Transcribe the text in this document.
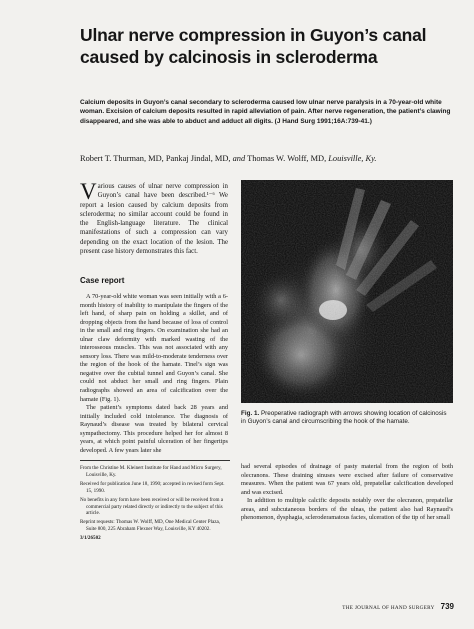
Ulnar nerve compression in Guyon’s canal caused by calcinosis in scleroderma
Calcium deposits in Guyon’s canal secondary to scleroderma caused low ulnar nerve paralysis in a 70-year-old white woman. Excision of calcium deposits resulted in rapid alleviation of pain. After nerve regeneration, the patient’s clawing disappeared, and she was able to abduct and adduct all digits. (J Hand Surg 1991;16A:739-41.)
Robert T. Thurman, MD, Pankaj Jindal, MD, and Thomas W. Wolff, MD, Louisville, Ky.

Various causes of ulnar nerve compression in Guyon’s canal have been described.¹⁻⁶ We report a lesion caused by calcium deposits from scleroderma; no similar account could be found in the English-language literature. The clinical manifestations of such a compression can vary depending on the exact location of the lesion. The present case history demonstrates this fact.

Case report

A 70-year-old white woman was seen initially with a 6-month history of inability to manipulate the fingers of the left hand, of sharp pain on holding a skillet, and of dropping objects from the hand because of loss of control in the small and ring fingers. On examination she had an ulnar claw deformity with marked wasting of the interosseous muscles. This was not associated with any sensory loss. There was mild-to-moderate tenderness over the region of the hook of the hamate. Tinel’s sign was negative over the cubital tunnel and Guyon’s canal. She could not abduct her small and ring fingers. Plain radiographs showed an area of calcification over the hamate (Fig. 1).

The patient’s symptoms dated back 28 years and initially included cold intolerance. The diagnosis of Raynaud’s disease was treated by bilateral cervical sympathectomy. This procedure helped her for almost 8 years, at which point painful ulceration of her fingertips developed. A few years later she

From the Christine M. Kleinert Institute for Hand and Micro Surgery, Louisville, Ky.

Received for publication June 18, 1990; accepted in revised form Sept. 15, 1990.

No benefits in any form have been received or will be received from a commercial party related directly or indirectly to the subject of this article.

Reprint requests: Thomas W. Wolff, MD, One Medical Center Plaza, Suite 800, 225 Abraham Flexner Way, Louisville, KY 40202.

3/1/26502

Fig. 1. Preoperative radiograph with arrows showing location of calcinosis in Guyon’s canal and circumscribing the hook of the hamate.

had several episodes of drainage of pasty material from the region of both olecranons. These draining sinuses were excised after failure of conservative measures. When the patient was 67 years old, prepatellar calcification developed and was excised.

In addition to multiple calcific deposits notably over the olecranon, prepatellar areas, and subcutaneous borders of the ulnas, the patient also had Raynaud’s phenomenon, dysphagia, scleroderamatous facies, ulceration of the tip of her small

THE JOURNAL OF HAND SURGERY 739
